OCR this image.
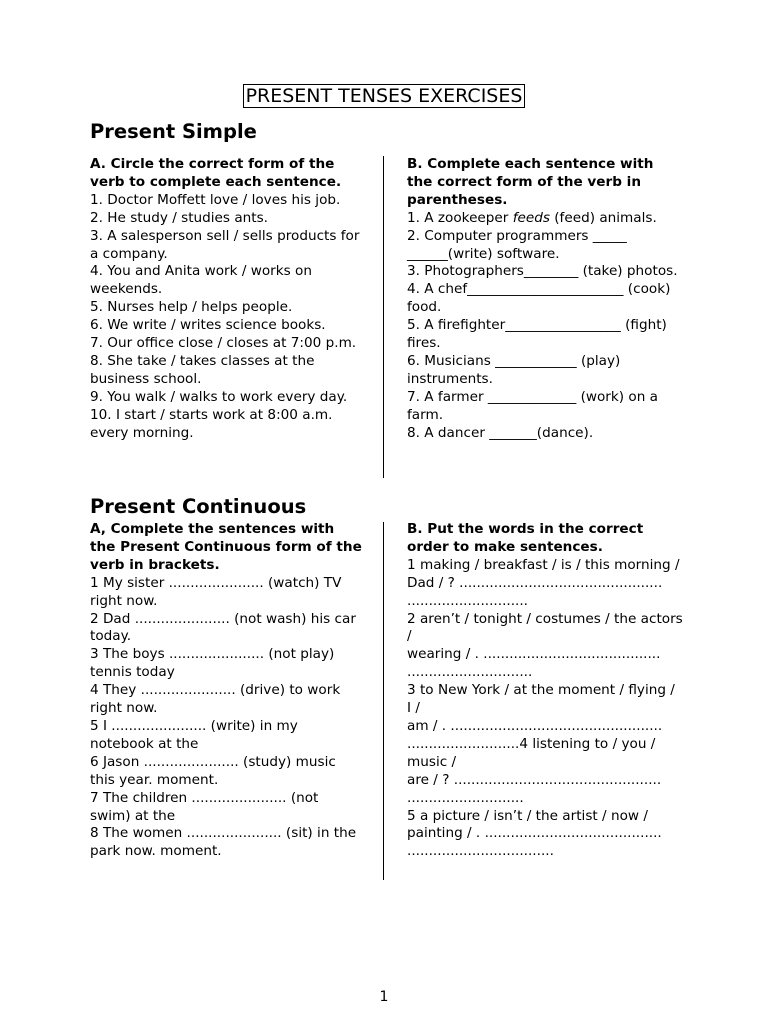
PRESENT TENSES EXERCISES
Present Simple
A. Circle the correct form of the verb to complete each sentence.
1. Doctor Moffett love / loves his job.
2. He study / studies ants.
3. A salesperson sell / sells products for a company.
4. You and Anita work / works on weekends.
5. Nurses help / helps people.
6. We write / writes science books.
7. Our office close / closes at 7:00 p.m.
8. She take / takes classes at the business school.
9. You walk / walks to work every day.
10. I start / starts work at 8:00 a.m. every morning.
B. Complete each sentence with the correct form of the verb in parentheses.
1. A zookeeper feeds (feed) animals.
2. Computer programmers _____ ______(write) software.
3. Photographers________ (take) photos.
4. A chef_______________________ (cook) food.
5. A firefighter_________________ (fight) fires.
6. Musicians ____________ (play) instruments.
7. A farmer _____________ (work) on a farm.
8. A dancer _______(dance).
Present Continuous
A, Complete the sentences with the Present Continuous form of the verb in brackets.
1 My sister ...................... (watch) TV right now.
2 Dad ...................... (not wash) his car today.
3 The boys ...................... (not play) tennis today
4 They ...................... (drive) to work right now.
5 I ...................... (write) in my notebook at the
6 Jason ...................... (study) music this year. moment.
7 The children ...................... (not swim) at the
8 The women ...................... (sit) in the park now. moment.
B. Put the words in the correct order to make sentences.
1 making / breakfast / is / this morning /
Dad / ? ...............................................
............................
2 aren’t / tonight / costumes / the actors /
wearing / . .........................................
.............................
3 to New York / at the moment / flying / I /
am / . .................................................
..........................4 listening to / you / music /
are / ? ................................................
...........................
5 a picture / isn’t / the artist / now / painting / . .........................................
..................................
1
